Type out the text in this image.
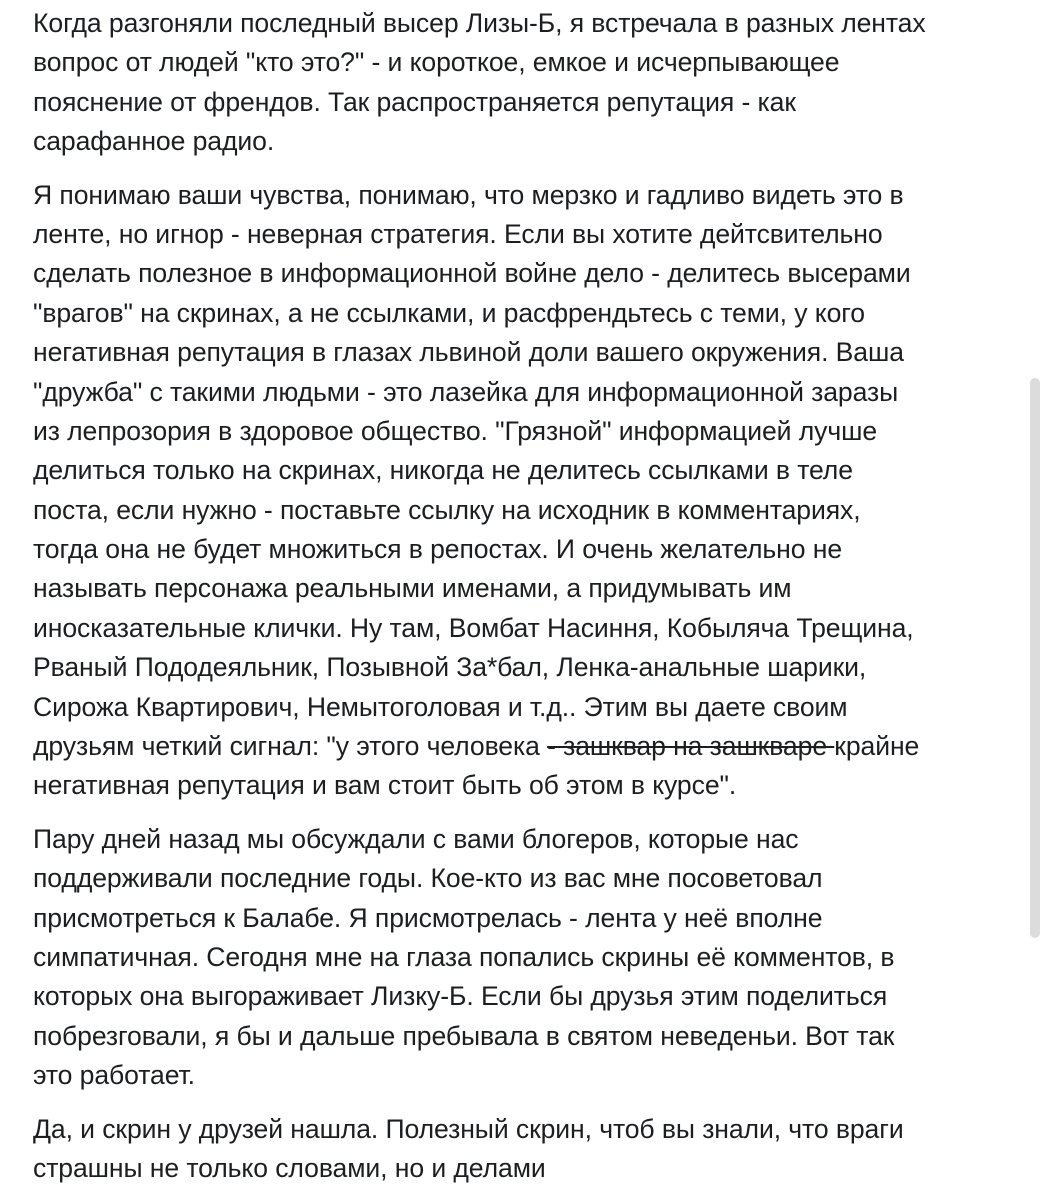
Когда разгоняли последный высер Лизы-Б, я встречала в разных лентах
вопрос от людей "кто это?" - и короткое, емкое и исчерпывающее
пояснение от френдов. Так распространяется репутация - как
сарафанное радио.

Я понимаю ваши чувства, понимаю, что мерзко и гадливо видеть это в
ленте, но игнор - неверная стратегия. Если вы хотите дейтсвительно
сделать полезное в информационной войне дело - делитесь высерами
"врагов" на скринах, а не ссылками, и расфрендьтесь с теми, у кого
негативная репутация в глазах львиной доли вашего окружения. Ваша
"дружба" с такими людьми - это лазейка для информационной заразы
из лепрозория в здоровое общество. "Грязной" информацией лучше
делиться только на скринах, никогда не делитесь ссылками в теле
поста, если нужно - поставьте ссылку на исходник в комментариях,
тогда она не будет множиться в репостах. И очень желательно не
называть персонажа реальными именами, а придумывать им
иносказательные клички. Ну там, Вомбат Насиння, Кобыляча Трещина,
Рваный Пододеяльник, Позывной За*бал, Ленка-анальные шарики,
Сирожа Квартирович, Немытоголовая и т.д.. Этим вы даете своим
друзьям четкий сигнал: "у этого человека - зашквар на зашкваре крайне
негативная репутация и вам стоит быть об этом в курсе".

Пару дней назад мы обсуждали с вами блогеров, которые нас
поддерживали последние годы. Кое-кто из вас мне посоветовал
присмотреться к Балабе. Я присмотрелась - лента у неё вполне
симпатичная. Сегодня мне на глаза попались скрины её комментов, в
которых она выгораживает Лизку-Б. Если бы друзья этим поделиться
побрезговали, я бы и дальше пребывала в святом неведеньи. Вот так
это работает.

Да, и скрин у друзей нашла. Полезный скрин, чтоб вы знали, что враги
страшны не только словами, но и делами
